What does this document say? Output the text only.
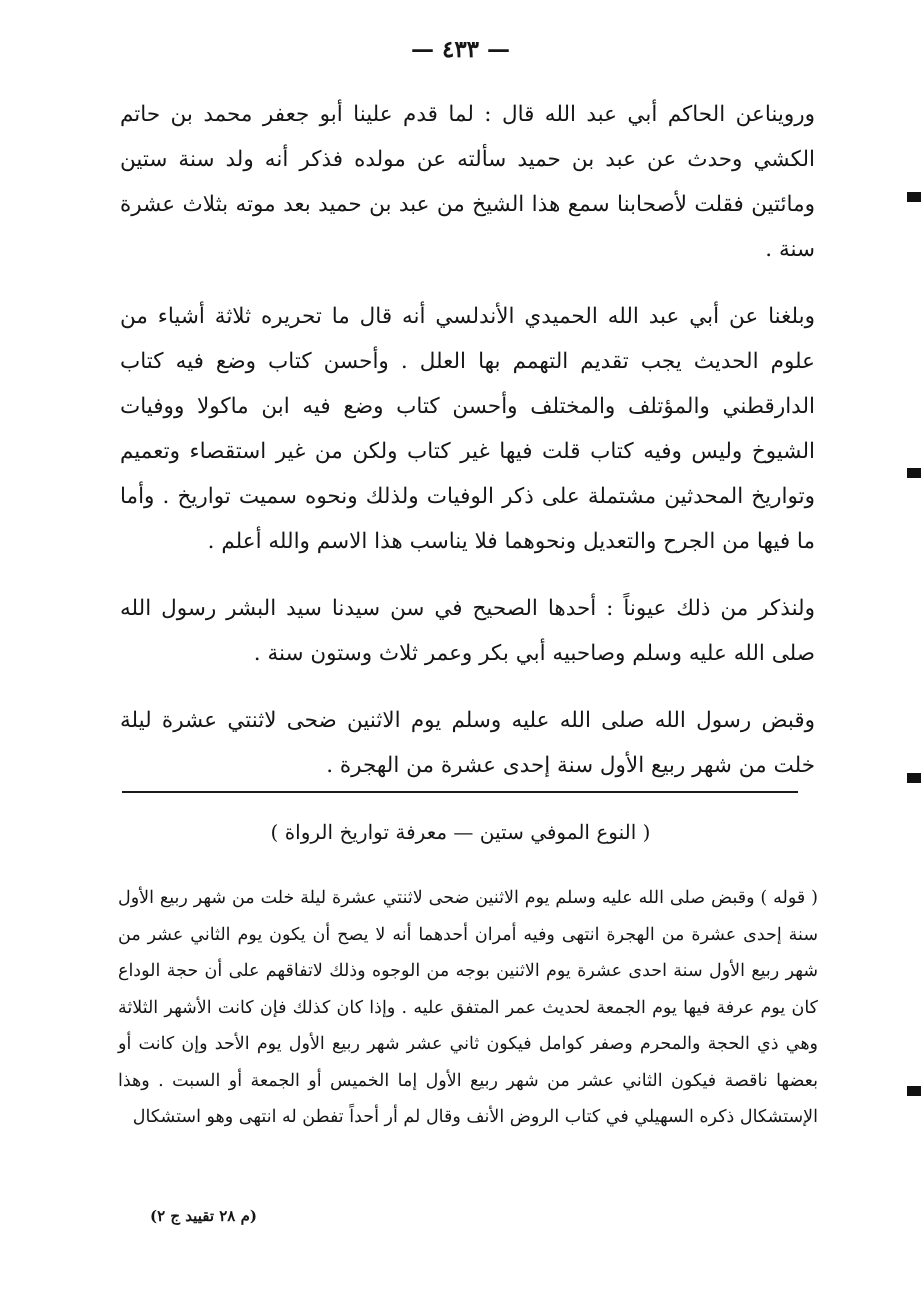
— ٤٣٣ —

ورويناعن الحاكم أبي عبد الله قال : لما قدم علينا أبو جعفر محمد بن حاتم الكشي وحدث عن عبد بن حميد سألته عن مولده فذكر أنه ولد سنة ستين ومائتين فقلت لأصحابنا سمع هذا الشيخ من عبد بن حميد بعد موته بثلاث عشرة سنة .

وبلغنا عن أبي عبد الله الحميدي الأندلسي أنه قال ما تحريره ثلاثة أشياء من علوم الحديث يجب تقديم التهمم بها العلل . وأحسن كتاب وضع فيه كتاب الدارقطني والمؤتلف والمختلف وأحسن كتاب وضع فيه ابن ماكولا ووفيات الشيوخ وليس وفيه كتاب قلت فيها غير كتاب ولكن من غير استقصاء وتعميم وتواريخ المحدثين مشتملة على ذكر الوفيات ولذلك ونحوه سميت تواريخ . وأما ما فيها من الجرح والتعديل ونحوهما فلا يناسب هذا الاسم والله أعلم .

ولنذكر من ذلك عيوناً : أحدها الصحيح في سن سيدنا سيد البشر رسول الله صلى الله عليه وسلم وصاحبيه أبي بكر وعمر ثلاث وستون سنة .

وقبض رسول الله صلى الله عليه وسلم يوم الاثنين ضحى لاثنتي عشرة ليلة خلت من شهر ربيع الأول سنة إحدى عشرة من الهجرة .

( النوع الموفي ستين — معرفة تواريخ الرواة )

( قوله ) وقبض صلى الله عليه وسلم يوم الاثنين ضحى لاثنتي عشرة ليلة خلت من شهر ربيع الأول سنة إحدى عشرة من الهجرة انتهى وفيه أمران أحدهما أنه لا يصح أن يكون يوم الثاني عشر من شهر ربيع الأول سنة احدى عشرة يوم الاثنين بوجه من الوجوه وذلك لاتفاقهم على أن حجة الوداع كان يوم عرفة فيها يوم الجمعة لحديث عمر المتفق عليه . وإذا كان كذلك فإن كانت الأشهر الثلاثة وهي ذي الحجة والمحرم وصفر كوامل فيكون ثاني عشر شهر ربيع الأول يوم الأحد وإن كانت أو بعضها ناقصة فيكون الثاني عشر من شهر ربيع الأول إما الخميس أو الجمعة أو السبت . وهذا الإستشكال ذكره السهيلي في كتاب الروض الأنف وقال لم أر أحداً تفطن له انتهى وهو استشكال

(م ٢٨ تقييد ج ٢)
